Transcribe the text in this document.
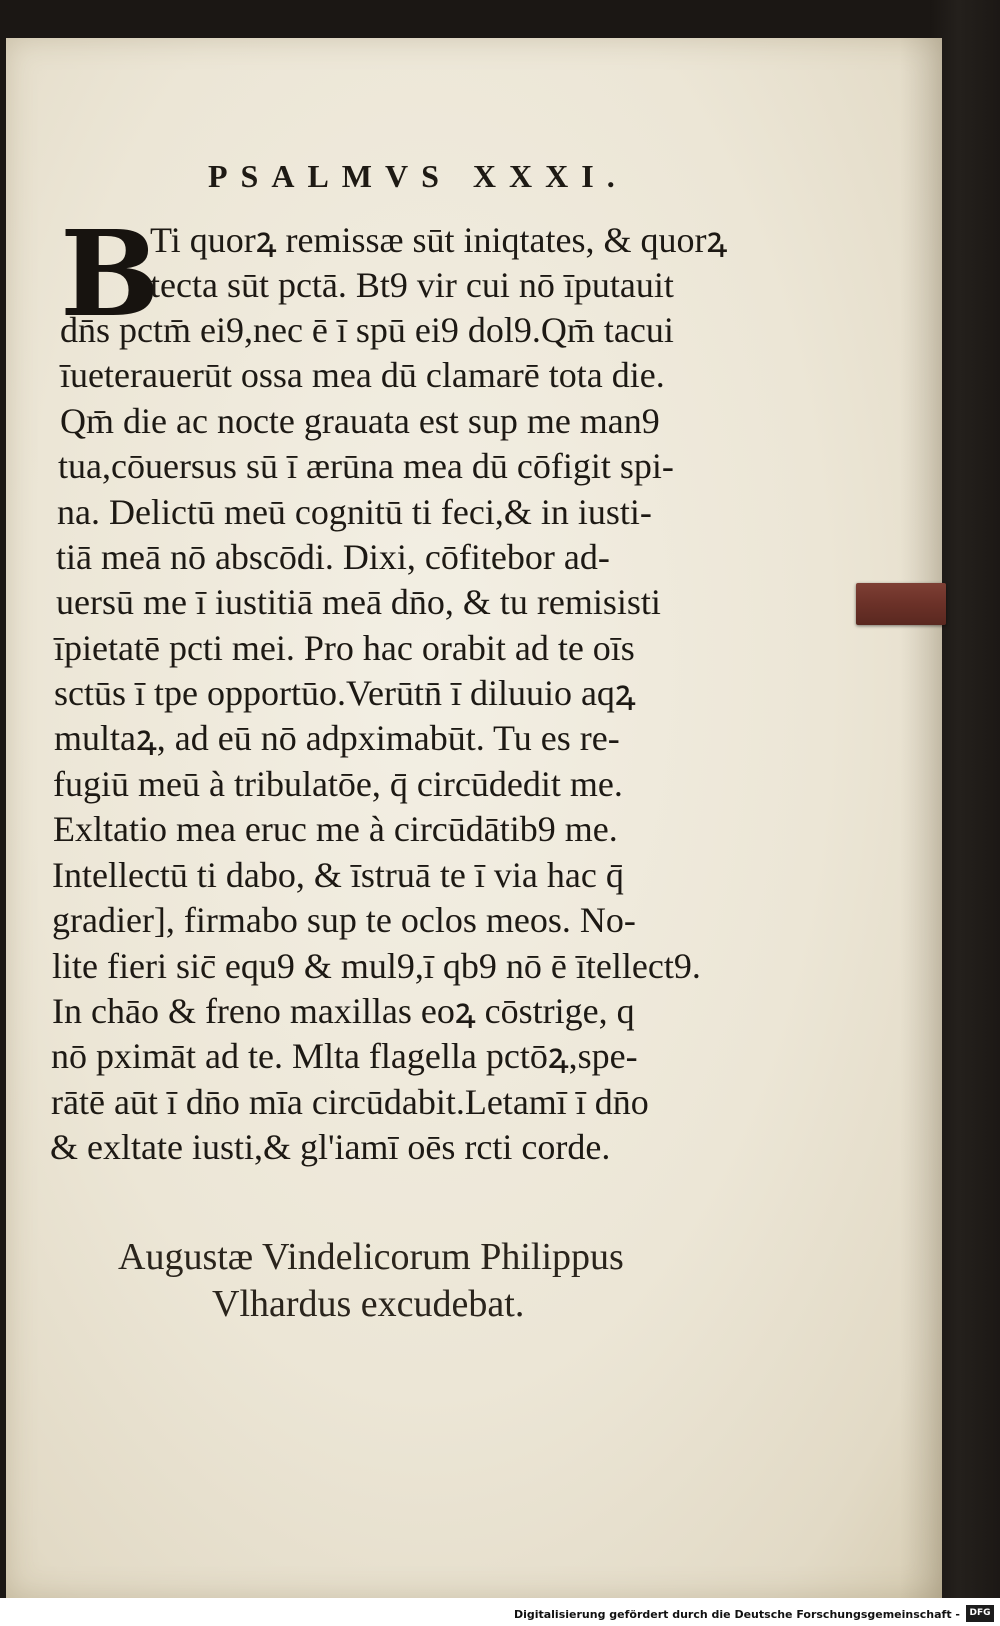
PSALMVS XXXI.
B
Ti quorꝝ remissæ sūt iniqtates, & quorꝝ
tecta sūt pctā. Bt9 vir cui nō īputauit
dn̄s pctm̄ ei9,nec ē ī spū ei9 dol9.Qm̄ tacui
īueterauerūt ossa mea dū clamarē tota die.
Qm̄ die ac nocte grauata est sup me man9
tua,cōuersus sū ī ærūna mea dū cōfigit spi-
na. Delictū meū cognitū ti feci,& in iusti-
tiā meā nō abscōdi. Dixi, cōfitebor ad-
uersū me ī iustitiā meā dn̄o, & tu remisisti
īpietatē pcti mei. Pro hac orabit ad te oīs
sctūs ī tpe opportūo.Verūtn̄ ī diluuio aqꝝ
multaꝝ, ad eū nō adpximabūt. Tu es re-
fugiū meū à tribulatōe, q̄ circūdedit me.
Exltatio mea eruc me à circūdātib9 me.
Intellectū ti dabo, & īstruā te ī via hac q̄
gradier], firmabo sup te oclos meos. No-
lite fieri sic̄ equ9 & mul9,ī qb9 nō ē ītellect9.
In chāo & freno maxillas eoꝝ cōstrige, q
nō pximāt ad te. Mlta flagella pctōꝝ,spe-
rātē aūt ī dn̄o mīa circūdabit.Letamī ī dn̄o
& exltate iusti,& gl'iamī oēs rcti corde.
Augustæ Vindelicorum Philippus
Vlhardus excudebat.
Digitalisierung gefördert durch die Deutsche Forschungsgemeinschaft -	DFG
